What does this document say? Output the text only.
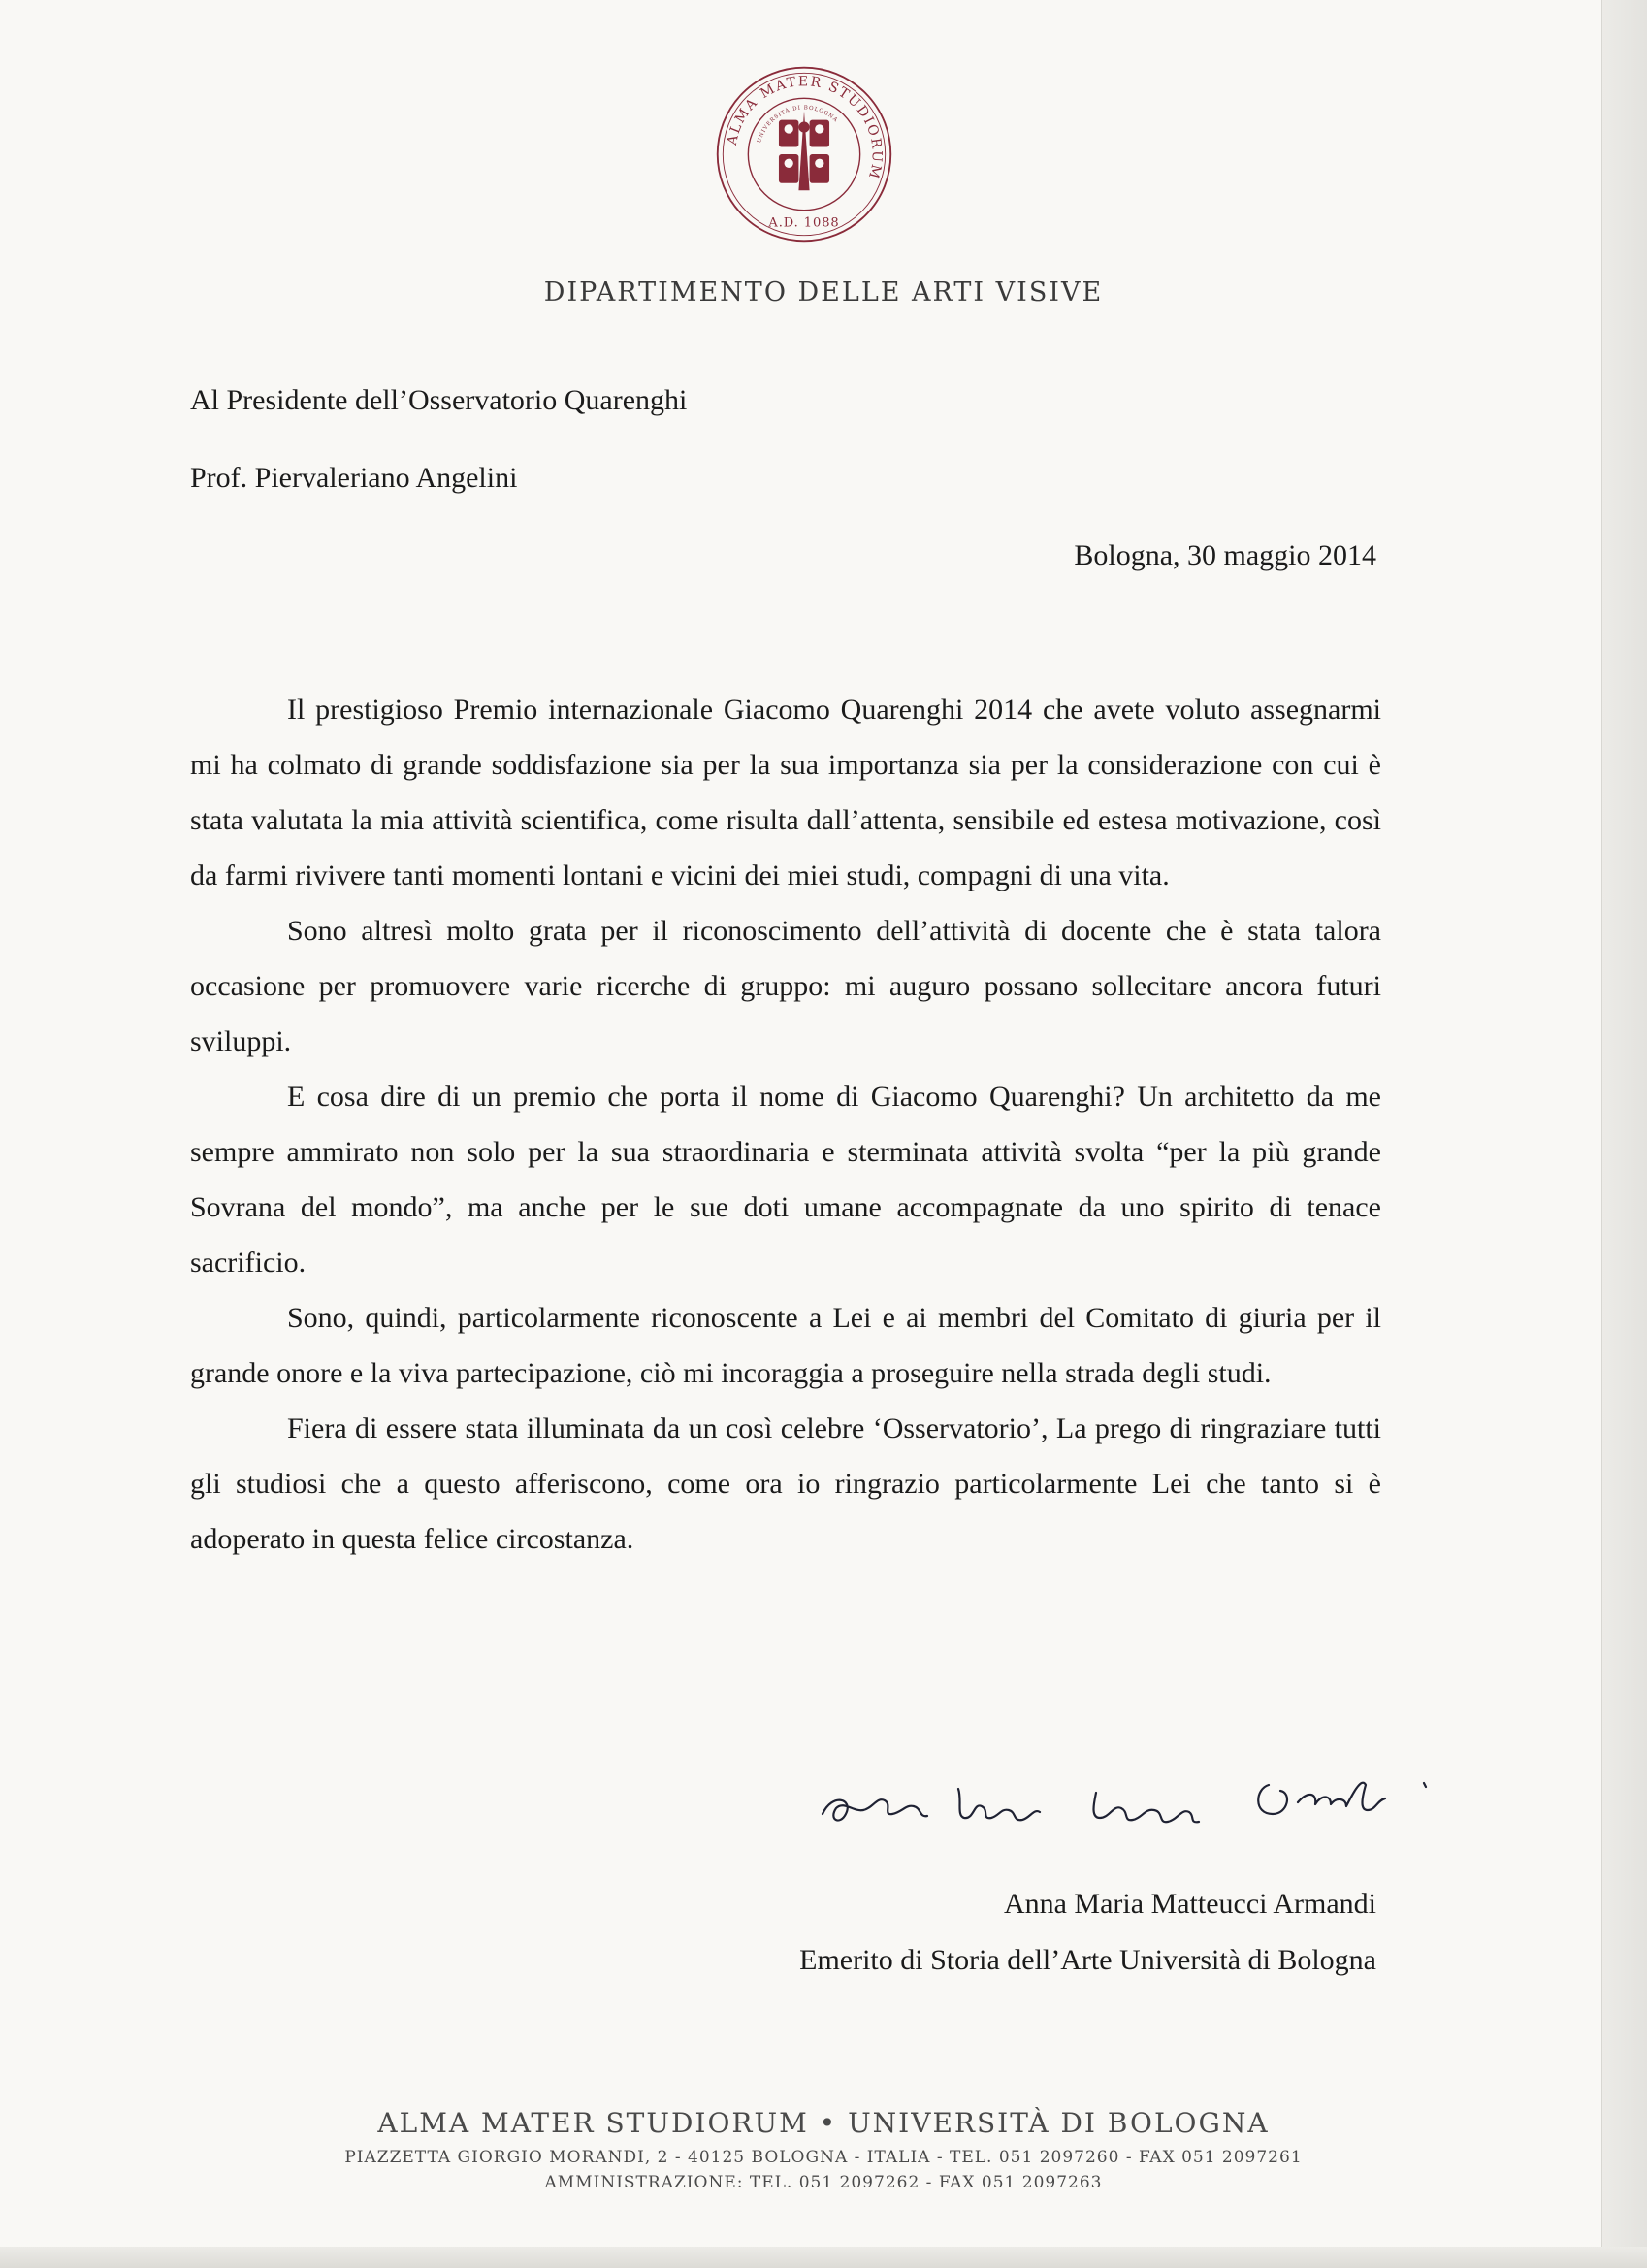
ALMA MATER STUDIORUM
UNIVERSITÀ DI BOLOGNA
A.D. 1088
DIPARTIMENTO DELLE ARTI VISIVE
Al Presidente dell’Osservatorio Quarenghi
Prof. Piervaleriano Angelini
Bologna, 30 maggio 2014

Il prestigioso Premio internazionale Giacomo Quarenghi 2014 che avete voluto assegnarmi mi ha colmato di grande soddisfazione sia per la sua importanza sia per la considerazione con cui è stata valutata la mia attività scientifica, come risulta dall’attenta, sensibile ed estesa motivazione, così da farmi rivivere tanti momenti lontani e vicini dei miei studi, compagni di una vita.

Sono altresì molto grata per il riconoscimento dell’attività di docente che è stata talora occasione per promuovere varie ricerche di gruppo: mi auguro possano sollecitare ancora futuri sviluppi.

E cosa dire di un premio che porta il nome di Giacomo Quarenghi? Un architetto da me sempre ammirato non solo per la sua straordinaria e sterminata attività svolta “per la più grande Sovrana del mondo”, ma anche per le sue doti umane accompagnate da uno spirito di tenace sacrificio.

Sono, quindi, particolarmente riconoscente a Lei e ai membri del Comitato di giuria per il grande onore e la viva partecipazione, ciò mi incoraggia a proseguire nella strada degli studi.

Fiera di essere stata illuminata da un così celebre ‘Osservatorio’, La prego di ringraziare tutti gli studiosi che a questo afferiscono, come ora io ringrazio particolarmente Lei che tanto si è adoperato in questa felice circostanza.

Anna Maria Matteucci Armandi
Emerito di Storia dell’Arte Università di Bologna
ALMA MATER STUDIORUM • UNIVERSITÀ DI BOLOGNA
PIAZZETTA GIORGIO MORANDI, 2 - 40125 BOLOGNA - ITALIA - TEL. 051 2097260 - FAX 051 2097261
AMMINISTRAZIONE: TEL. 051 2097262 - FAX 051 2097263
